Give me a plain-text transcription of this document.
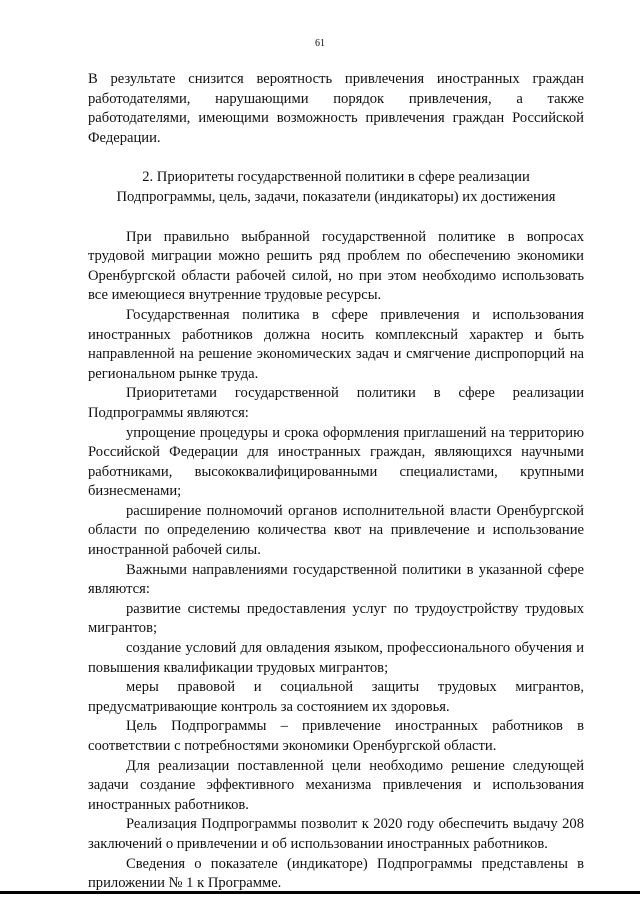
61

В результате снизится вероятность привлечения иностранных граждан работодателями, нарушающими порядок привлечения, а также работодателями, имеющими возможность привлечения граждан Российской Федерации.

2. Приоритеты государственной политики в сфере реализации
Подпрограммы, цель, задачи, показатели (индикаторы) их достижения

При правильно выбранной государственной политике в вопросах трудовой миграции можно решить ряд проблем по обеспечению экономики Оренбургской области рабочей силой, но при этом необходимо использовать все имеющиеся внутренние трудовые ресурсы.

Государственная политика в сфере привлечения и использования иностранных работников должна носить комплексный характер и быть направленной на решение экономических задач и смягчение диспропорций на региональном рынке труда.

Приоритетами государственной политики в сфере реализации Подпрограммы являются:

упрощение процедуры и срока оформления приглашений на территорию Российской Федерации для иностранных граждан, являющихся научными работниками, высококвалифицированными специалистами, крупными бизнесменами;

расширение полномочий органов исполнительной власти Оренбургской области по определению количества квот на привлечение и использование иностранной рабочей силы.

Важными направлениями государственной политики в указанной сфере являются:

развитие системы предоставления услуг по трудоустройству трудовых мигрантов;

создание условий для овладения языком, профессионального обучения и повышения квалификации трудовых мигрантов;

меры правовой и социальной защиты трудовых мигрантов, предусматривающие контроль за состоянием их здоровья.

Цель Подпрограммы – привлечение иностранных работников в соответствии с потребностями экономики Оренбургской области.

Для реализации поставленной цели необходимо решение следующей задачи создание эффективного механизма привлечения и использования иностранных работников.

Реализация Подпрограммы позволит к 2020 году обеспечить выдачу 208 заключений о привлечении и об использовании иностранных работников.

Сведения о показателе (индикаторе) Подпрограммы представлены в приложении № 1 к Программе.
